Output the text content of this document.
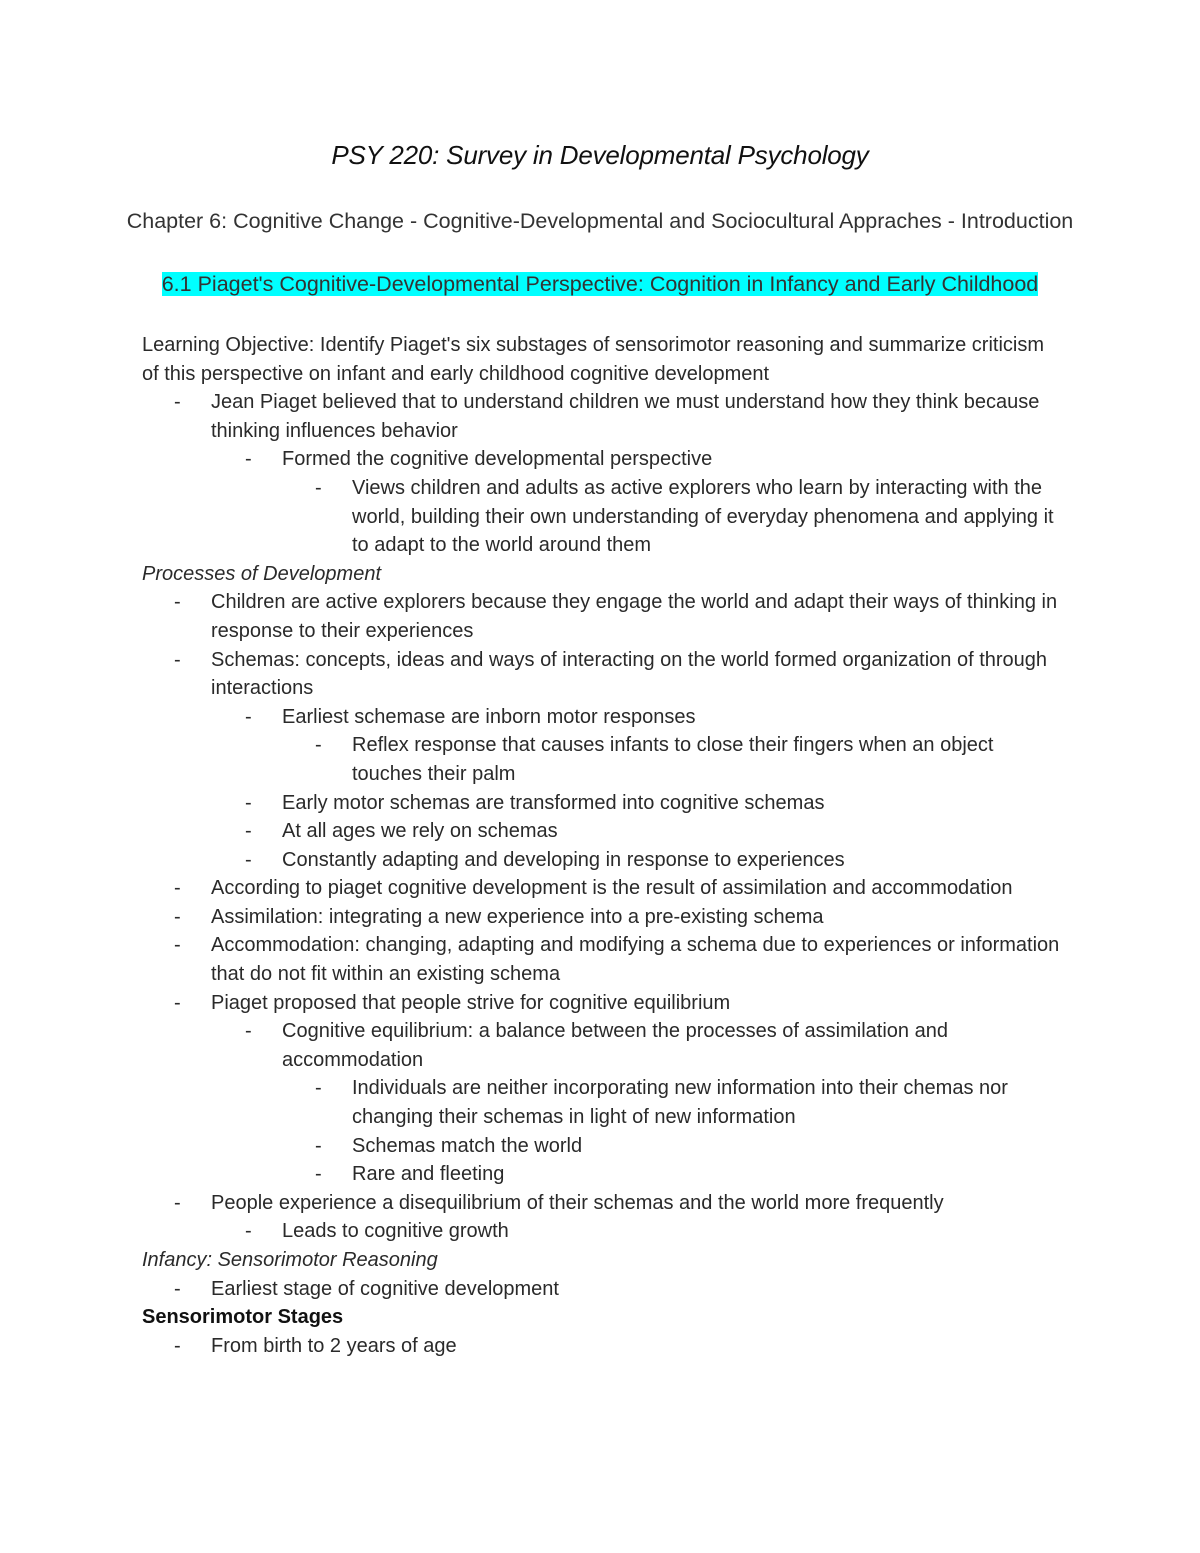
PSY 220: Survey in Developmental Psychology
Chapter 6: Cognitive Change - Cognitive-Developmental and Sociocultural Appraches - Introduction
6.1 Piaget's Cognitive-Developmental Perspective: Cognition in Infancy and Early Childhood
Learning Objective: Identify Piaget's six substages of sensorimotor reasoning and summarize criticism of this perspective on infant and early childhood cognitive development
-	Jean Piaget believed that to understand children we must understand how they think because thinking influences behavior
-	Formed the cognitive developmental perspective
-	Views children and adults as active explorers who learn by interacting with the world, building their own understanding of everyday phenomena and applying it to adapt to the world around them
Processes of Development
-	Children are active explorers because they engage the world and adapt their ways of thinking in response to their experiences
-	Schemas: concepts, ideas and ways of interacting on the world formed organization of through interactions
-	Earliest schemase are inborn motor responses
-	Reflex response that causes infants to close their fingers when an object touches their palm
-	Early motor schemas are transformed into cognitive schemas
-	At all ages we rely on schemas
-	Constantly adapting and developing in response to experiences
-	According to piaget cognitive development is the result of assimilation and accommodation
-	Assimilation: integrating a new experience into a pre-existing schema
-	Accommodation: changing, adapting and modifying a schema due to experiences or information that do not fit within an existing schema
-	Piaget proposed that people strive for cognitive equilibrium
-	Cognitive equilibrium: a balance between the processes of assimilation and accommodation
-	Individuals are neither incorporating new information into their chemas nor changing their schemas in light of new information
-	Schemas match the world
-	Rare and fleeting
-	People experience a disequilibrium of their schemas and the world more frequently
-	Leads to cognitive growth
Infancy: Sensorimotor Reasoning
-	Earliest stage of cognitive development
Sensorimotor Stages
-	From birth to 2 years of age
